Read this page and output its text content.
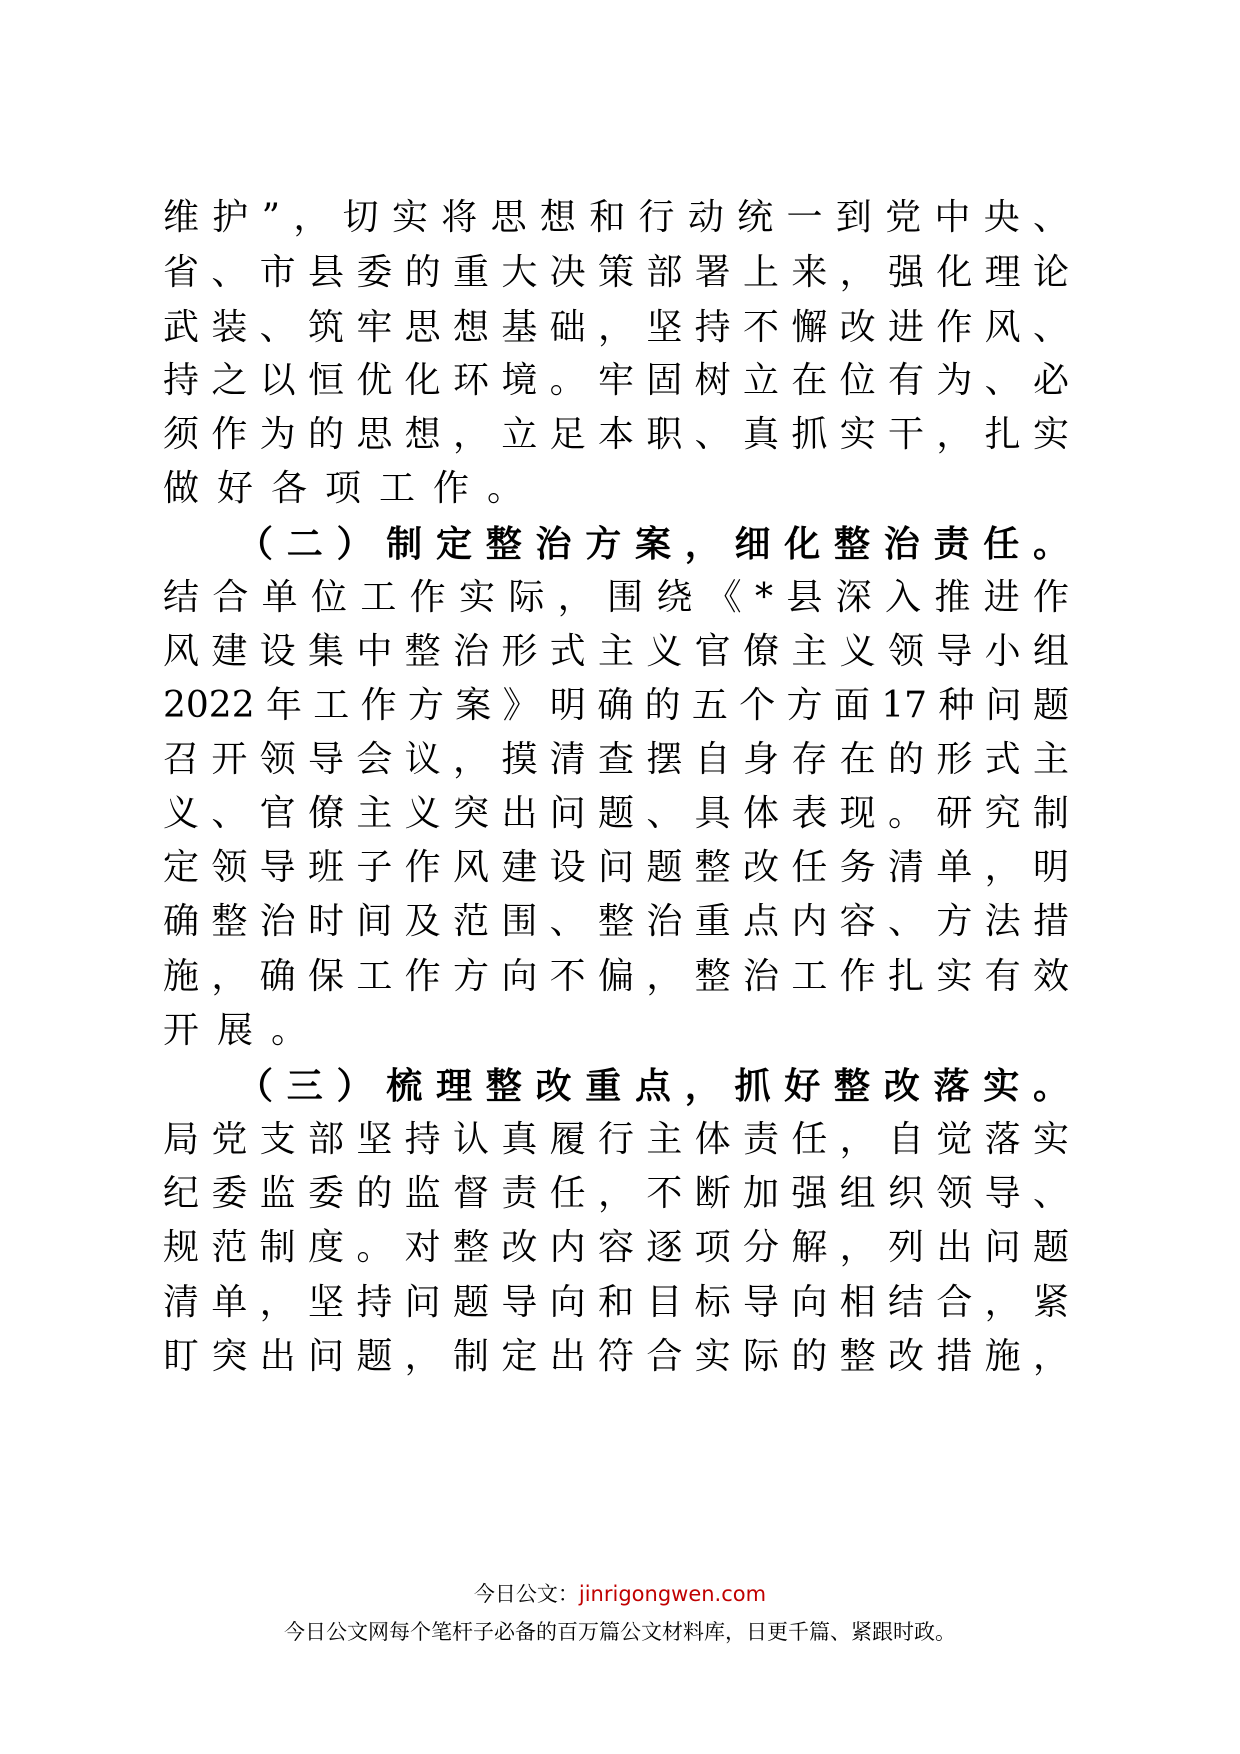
维护”，切实将思想和行动统一到党中央、
省、市县委的重大决策部署上来，强化理论
武装、筑牢思想基础，坚持不懈改进作风、
持之以恒优化环境。牢固树立在位有为、必
须作为的思想，立足本职、真抓实干，扎实
做好各项工作。
（二）制定整治方案，细化整治责任。
结合单位工作实际，围绕《*县深入推进作
风建设集中整治形式主义官僚主义领导小组
2022年工作方案》明确的五个方面17种问题
召开领导会议，摸清查摆自身存在的形式主
义、官僚主义突出问题、具体表现。研究制
定领导班子作风建设问题整改任务清单，明
确整治时间及范围、整治重点内容、方法措
施，确保工作方向不偏，整治工作扎实有效
开展。
（三）梳理整改重点，抓好整改落实。
局党支部坚持认真履行主体责任，自觉落实
纪委监委的监督责任，不断加强组织领导、
规范制度。对整改内容逐项分解，列出问题
清单，坚持问题导向和目标导向相结合，紧
盯突出问题，制定出符合实际的整改措施，
今日公文：jinrigongwen.com
今日公文网每个笔杆子必备的百万篇公文材料库，日更千篇、紧跟时政。
